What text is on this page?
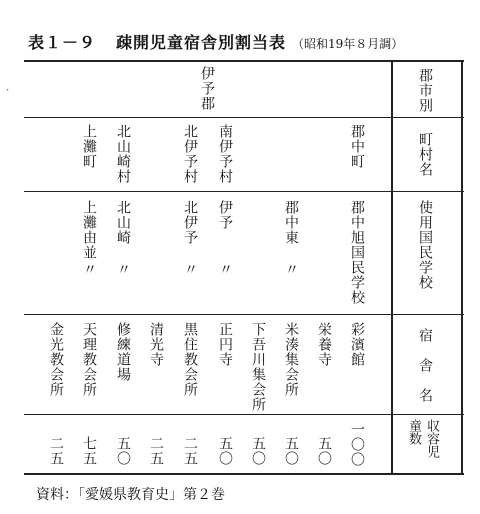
表１－９ 疎開児童宿舎別割当表 （昭和19年８月調）
・	郡市別
町村名
使用国民学校
宿　舎　名
収容児
童数
伊予郡
郡中町
南伊予村
北伊予村
北山崎村
上灘町
郡中旭国民学校
郡中東
〃
伊予
〃
北伊予
〃
北山崎
〃
上灘由並
〃
彩濱館
栄養寺
米湊集会所
下吾川集会所
正円寺
黒住教会所
清光寺
修練道場
天理教会所
金光教会所
一〇〇
五〇
五〇
五〇
五〇
二五
二五
五〇
七五
二五
資料：「愛媛県教育史」第２巻
